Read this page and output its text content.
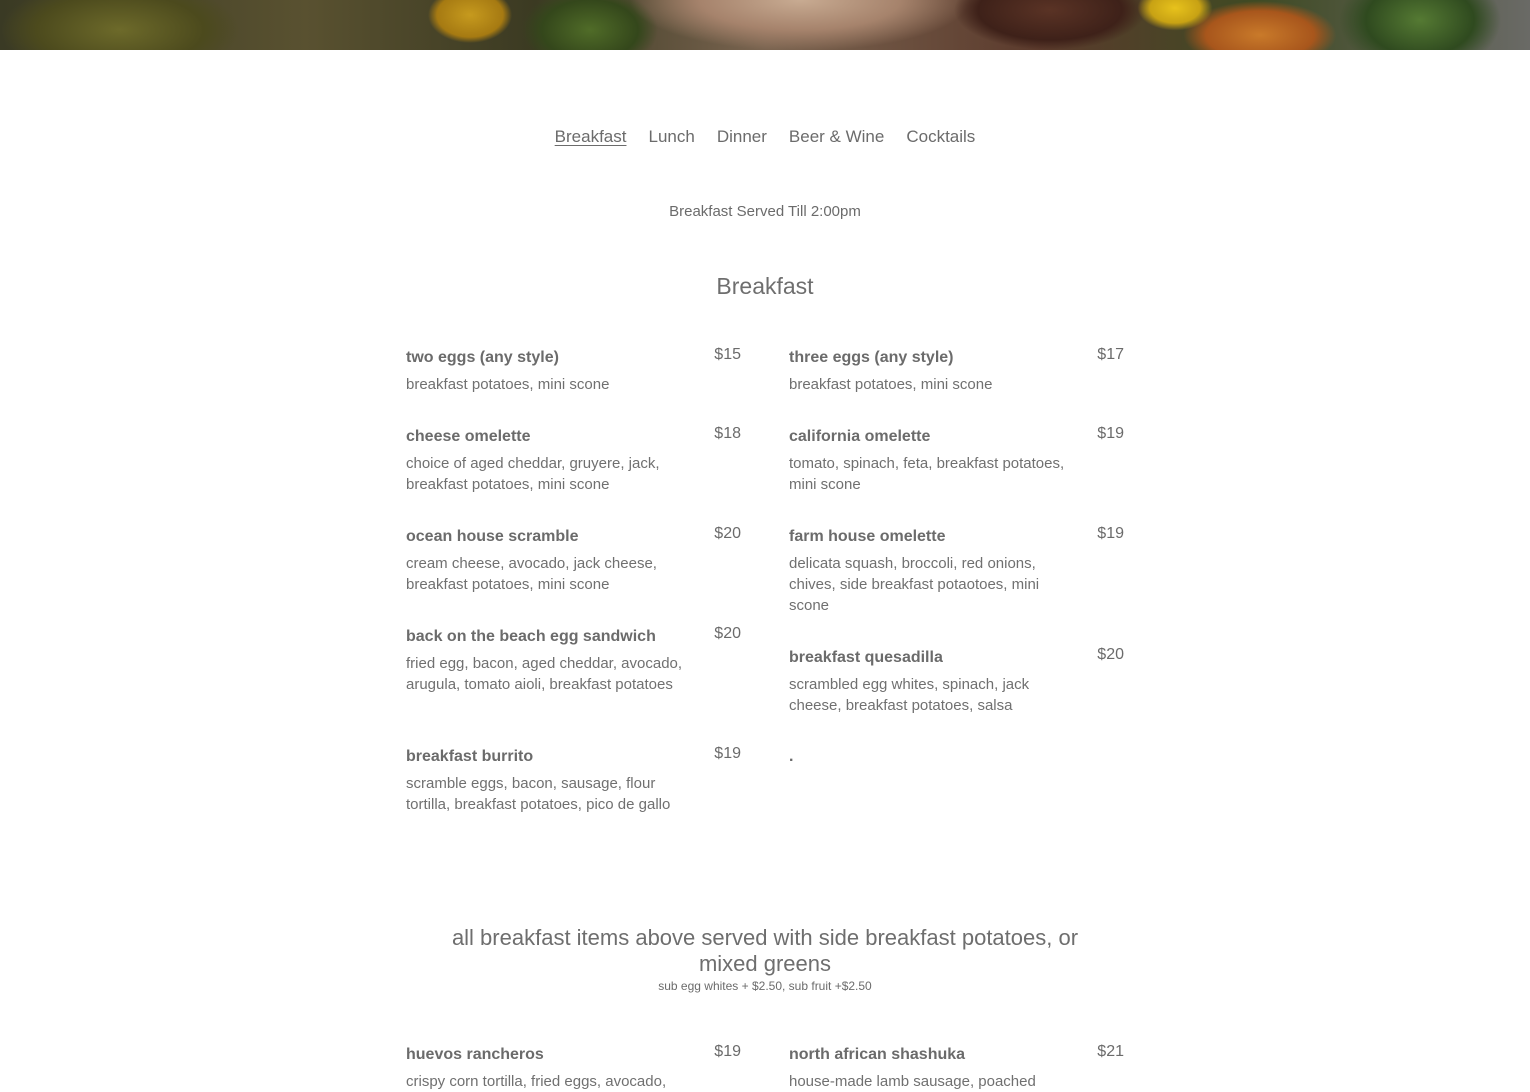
Breakfast Lunch Dinner Beer & Wine Cocktails
Breakfast Served Till 2:00pm
Breakfast
two eggs (any style)	$15
breakfast potatoes, mini scone
cheese omelette	$18
choice of aged cheddar, gruyere, jack, breakfast potatoes, mini scone
ocean house scramble	$20
cream cheese, avocado, jack cheese, breakfast potatoes, mini scone
back on the beach egg sandwich	$20
fried egg, bacon, aged cheddar, avocado, arugula, tomato aioli, breakfast potatoes
breakfast burrito	$19
scramble eggs, bacon, sausage, flour tortilla, breakfast potatoes, pico de gallo
huevos rancheros	$19
crispy corn tortilla, fried eggs, avocado,
three eggs (any style)	$17
breakfast potatoes, mini scone
california omelette	$19
tomato, spinach, feta, breakfast potatoes, mini scone
farm house omelette	$19
delicata squash, broccoli, red onions, chives, side breakfast potaotoes, mini scone
breakfast quesadilla	$20
scrambled egg whites, spinach, jack cheese, breakfast potatoes, salsa
.
north african shashuka	$21
house-made lamb sausage, poached
all breakfast items above served with side breakfast potatoes, or mixed greens
sub egg whites + $2.50, sub fruit +$2.50
